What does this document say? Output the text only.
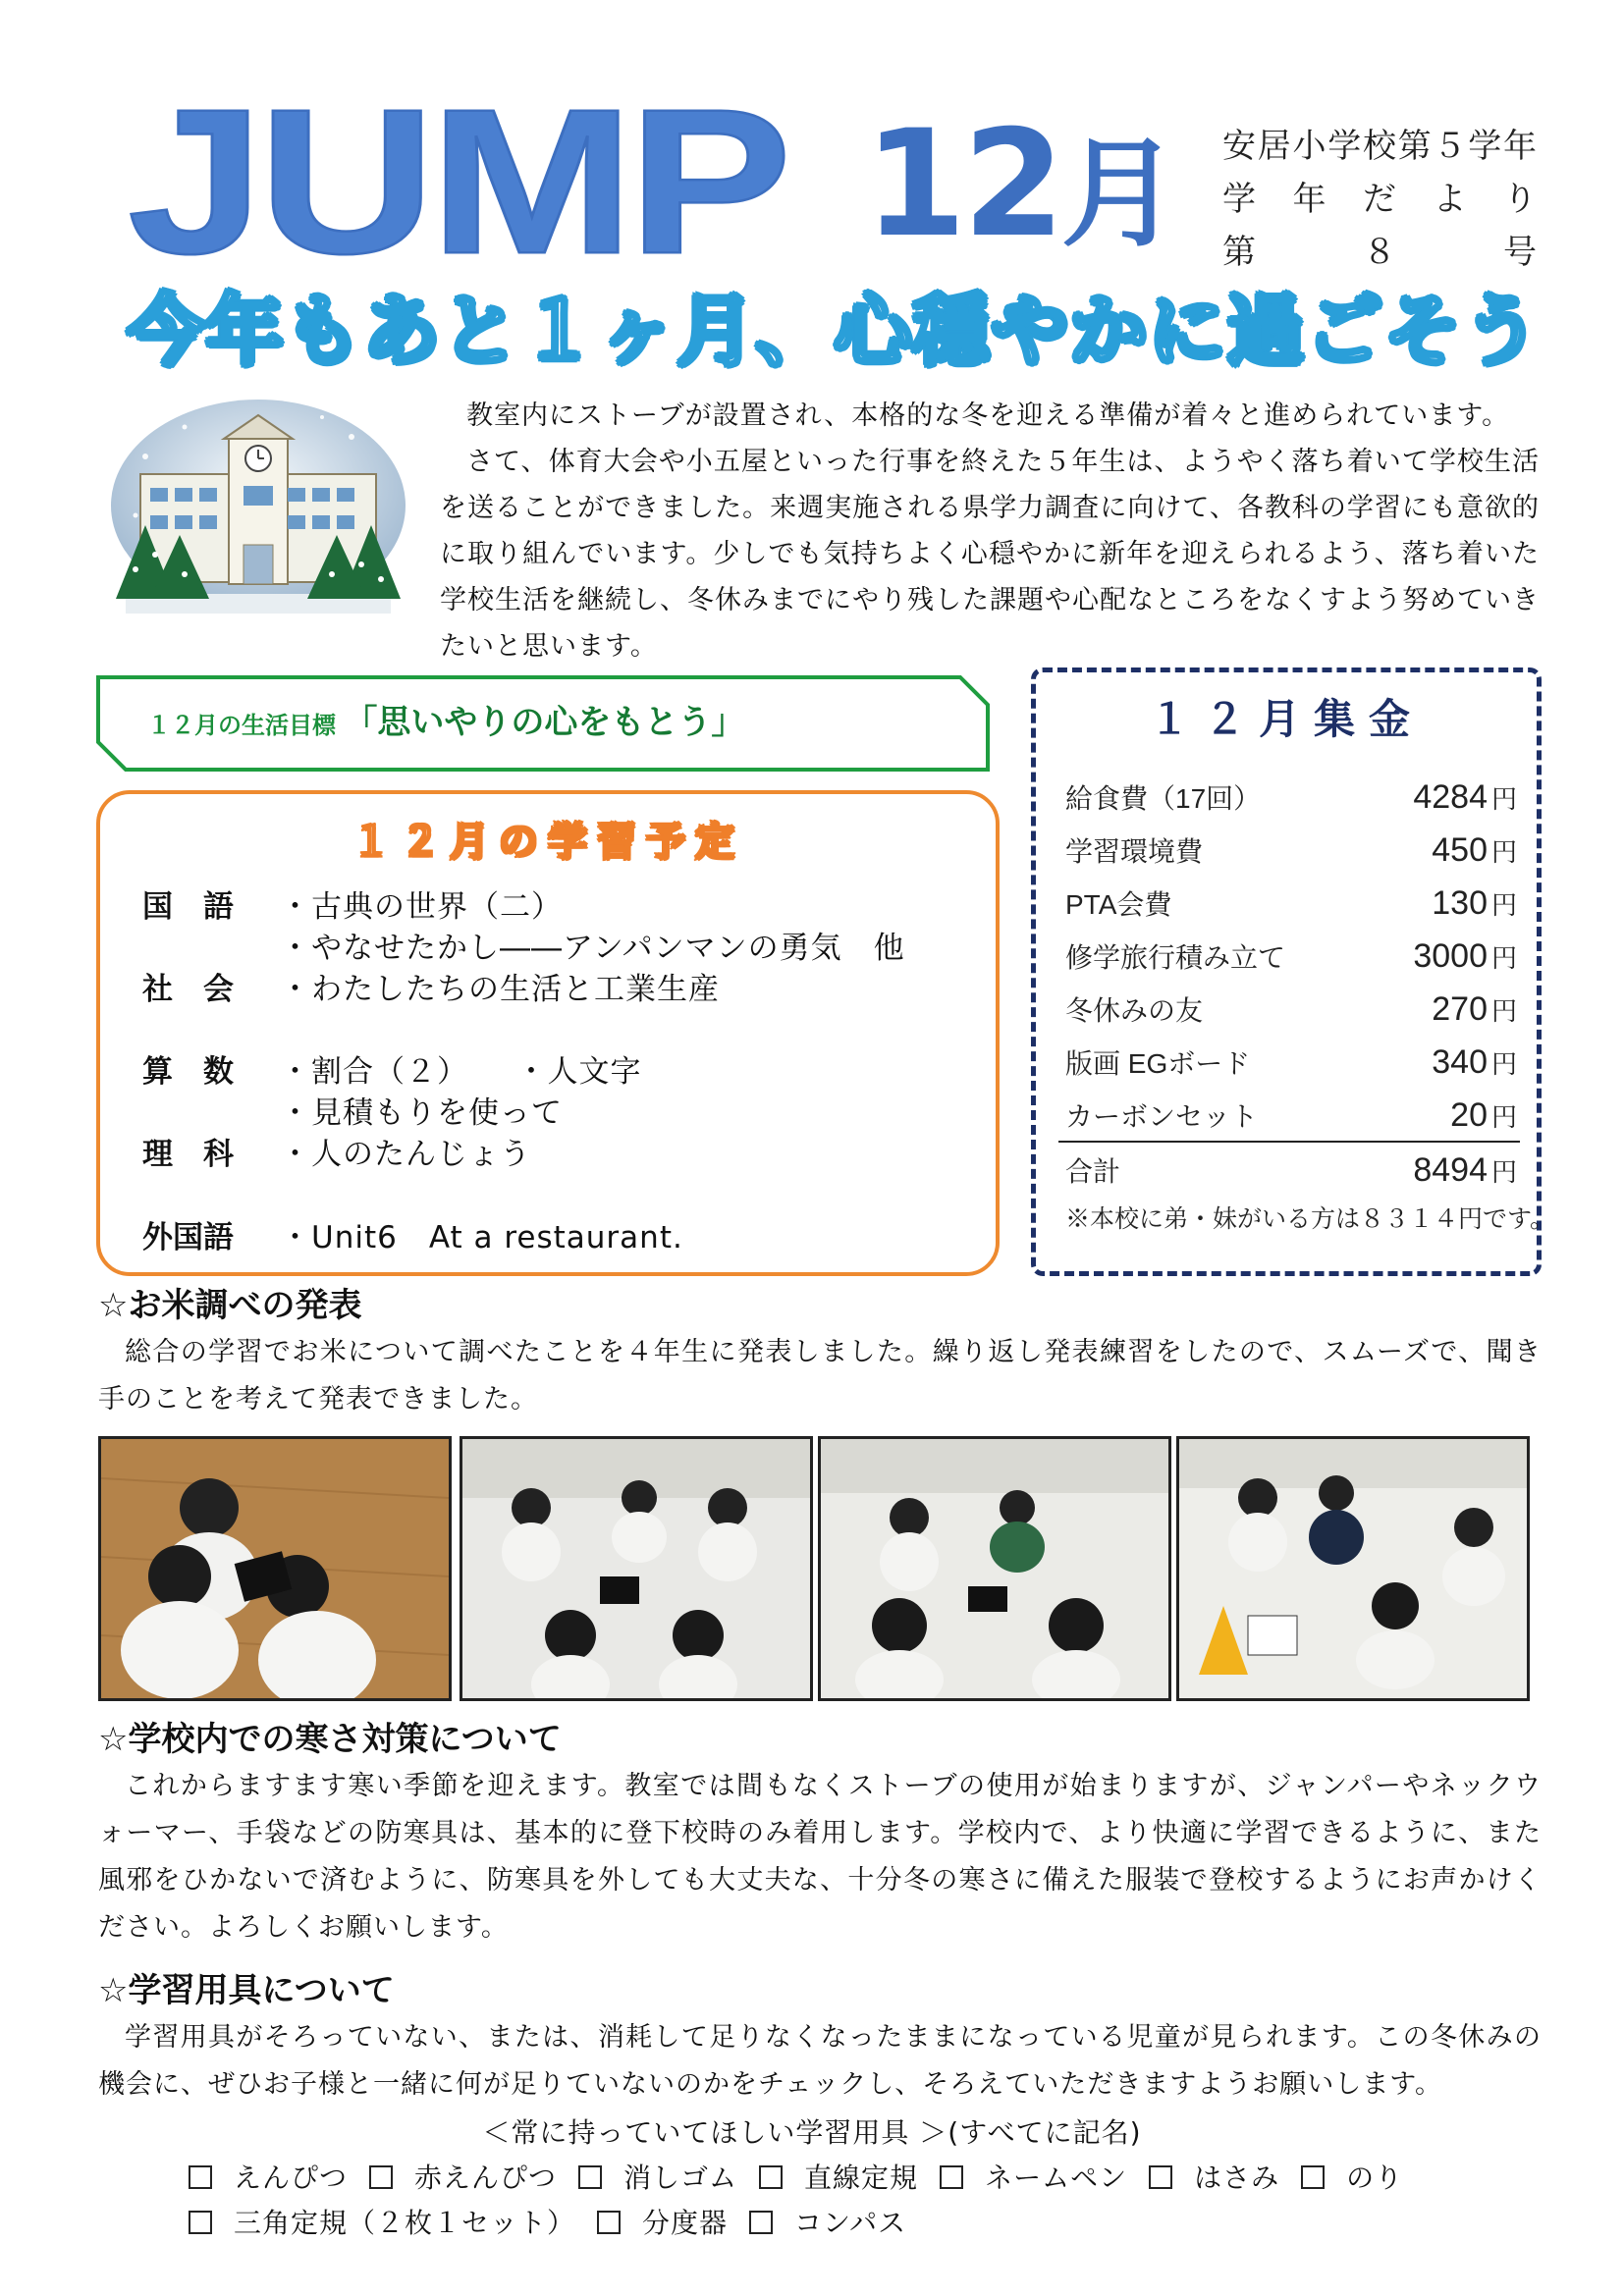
JUMP 12月 安 居 小 学 校 第 ５ 学 年
学 年 だ よ り
第	８	号
今年もあと１ヶ月、心穏やかに過ごそう

教室内にストーブが設置され、本格的な冬を迎える準備が着々と進められています。

さて、体育大会や小五屋といった行事を終えた５年生は、ようやく落ち着いて学校生活を送ることができました。来週実施される県学力調査に向けて、各教科の学習にも意欲的に取り組んでいます。少しでも気持ちよく心穏やかに新年を迎えられるよう、落ち着いた学校生活を継続し、冬休みまでにやり残した課題や心配なところをなくすよう努めていきたいと思います。

１２月の生活目標 「思いやりの心をもとう」
１２月の学習予定
国　語	・古典の世界（二）
・やなせたかし――アンパンマンの勇気　他
社　会	・わたしたちの生活と工業生産
算　数	・割合（２）　　・人文字
・見積もりを使って
理　科	・人のたんじょう
外国語	・Unit6　At a restaurant.
１２月集金
給食費（17回）	4284 円
学習環境費	450 円
PTA会費	130 円
修学旅行積み立て	3000 円
冬休みの友	270 円
版画 EGボード	340 円
カーボンセット	20 円
合計	8494 円
※本校に弟・妹がいる方は８３１４円です。
☆お米調べの発表

総合の学習でお米について調べたことを４年生に発表しました。繰り返し発表練習をしたので、スムーズで、聞き手のことを考えて発表できました。

☆学校内での寒さ対策について

これからますます寒い季節を迎えます。教室では間もなくストーブの使用が始まりますが、ジャンパーやネックウォーマー、手袋などの防寒具は、基本的に登下校時のみ着用します。学校内で、より快適に学習できるように、また風邪をひかないで済むように、防寒具を外しても大丈夫な、十分冬の寒さに備えた服装で登校するようにお声かけください。よろしくお願いします。

☆学習用具について

学習用具がそろっていない、または、消耗して足りなくなったままになっている児童が見られます。この冬休みの機会に、ぜひお子様と一緒に何が足りていないのかをチェックし、そろえていただきますようお願いします。

＜常に持っていてほしい学習用具 ＞(すべてに記名)
えんぴつ 赤えんぴつ 消しゴム 直線定規 ネームペン はさみ のり
三角定規（２枚１セット） 分度器 コンパス
